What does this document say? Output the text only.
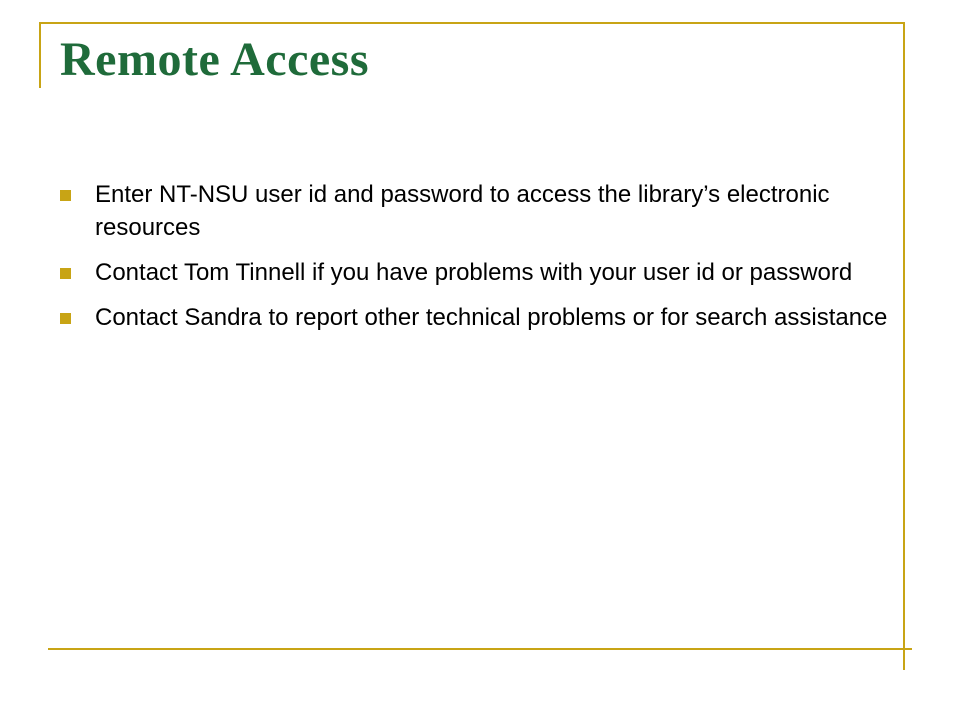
Remote Access
Enter NT-NSU user id and password to access the library’s electronic resources
Contact Tom Tinnell if you have problems with your user id or password
Contact Sandra to report other technical problems or for search assistance
